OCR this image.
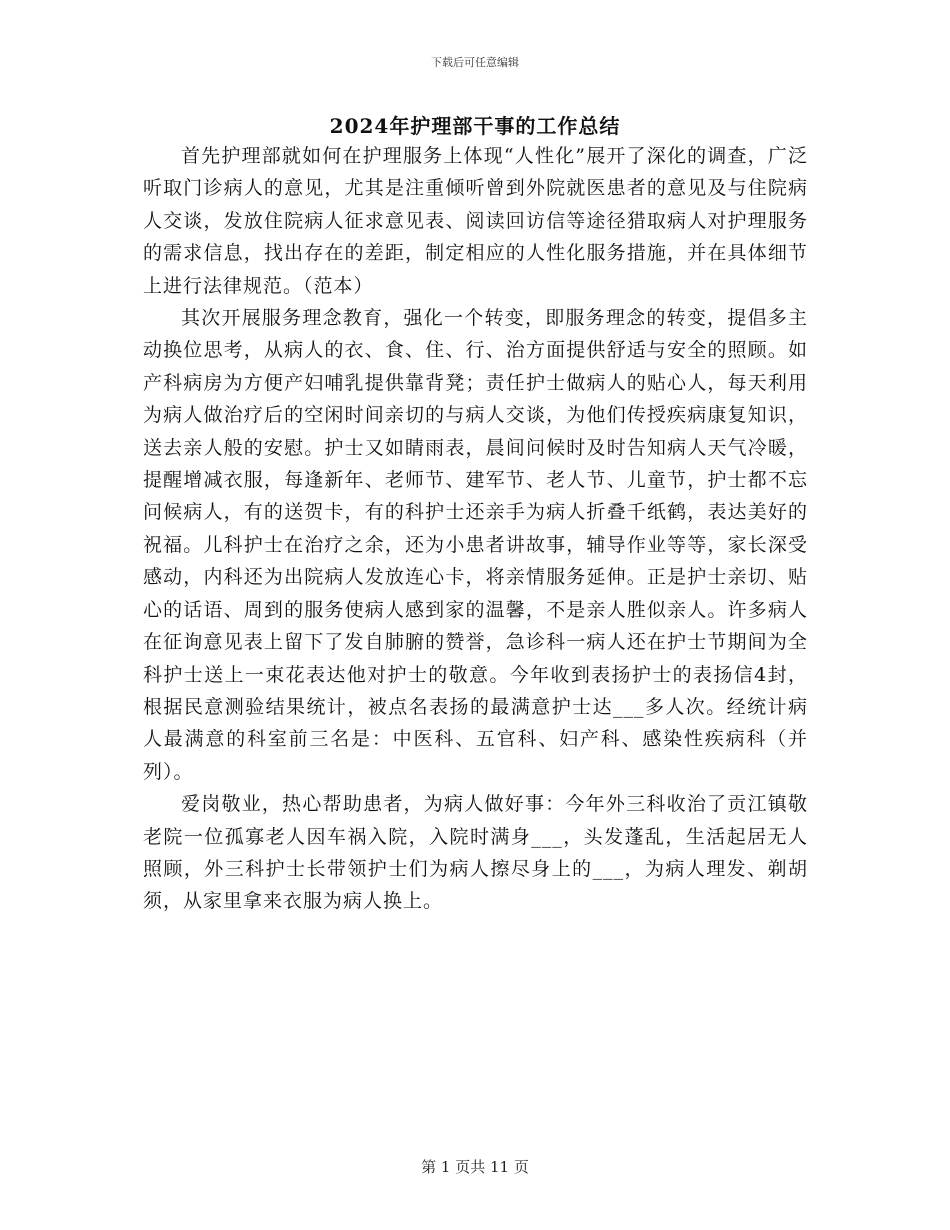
下载后可任意编辑
2024年护理部干事的工作总结

首先护理部就如何在护理服务上体现“人性化”展开了深化的调查，广泛听取门诊病人的意见，尤其是注重倾听曾到外院就医患者的意见及与住院病人交谈，发放住院病人征求意见表、阅读回访信等途径猎取病人对护理服务的需求信息，找出存在的差距，制定相应的人性化服务措施，并在具体细节上进行法律规范。（范本）

其次开展服务理念教育，强化一个转变，即服务理念的转变，提倡多主动换位思考，从病人的衣、食、住、行、治方面提供舒适与安全的照顾。如产科病房为方便产妇哺乳提供靠背凳；责任护士做病人的贴心人，每天利用为病人做治疗后的空闲时间亲切的与病人交谈，为他们传授疾病康复知识，送去亲人般的安慰。护士又如睛雨表，晨间问候时及时告知病人天气冷暖，提醒增减衣服，每逢新年、老师节、建军节、老人节、儿童节，护士都不忘问候病人，有的送贺卡，有的科护士还亲手为病人折叠千纸鹤，表达美好的祝福。儿科护士在治疗之余，还为小患者讲故事，辅导作业等等，家长深受感动，内科还为出院病人发放连心卡，将亲情服务延伸。正是护士亲切、贴心的话语、周到的服务使病人感到家的温馨，不是亲人胜似亲人。许多病人在征询意见表上留下了发自肺腑的赞誉，急诊科一病人还在护士节期间为全科护士送上一束花表达他对护士的敬意。今年收到表扬护士的表扬信4封，根据民意测验结果统计，被点名表扬的最满意护士达___多人次。经统计病人最满意的科室前三名是：中医科、五官科、妇产科、感染性疾病科（并列）。

爱岗敬业，热心帮助患者，为病人做好事：今年外三科收治了贡江镇敬老院一位孤寡老人因车祸入院，入院时满身___，头发蓬乱，生活起居无人照顾，外三科护士长带领护士们为病人擦尽身上的___，为病人理发、剃胡须，从家里拿来衣服为病人换上。

第 1 页共 11 页
